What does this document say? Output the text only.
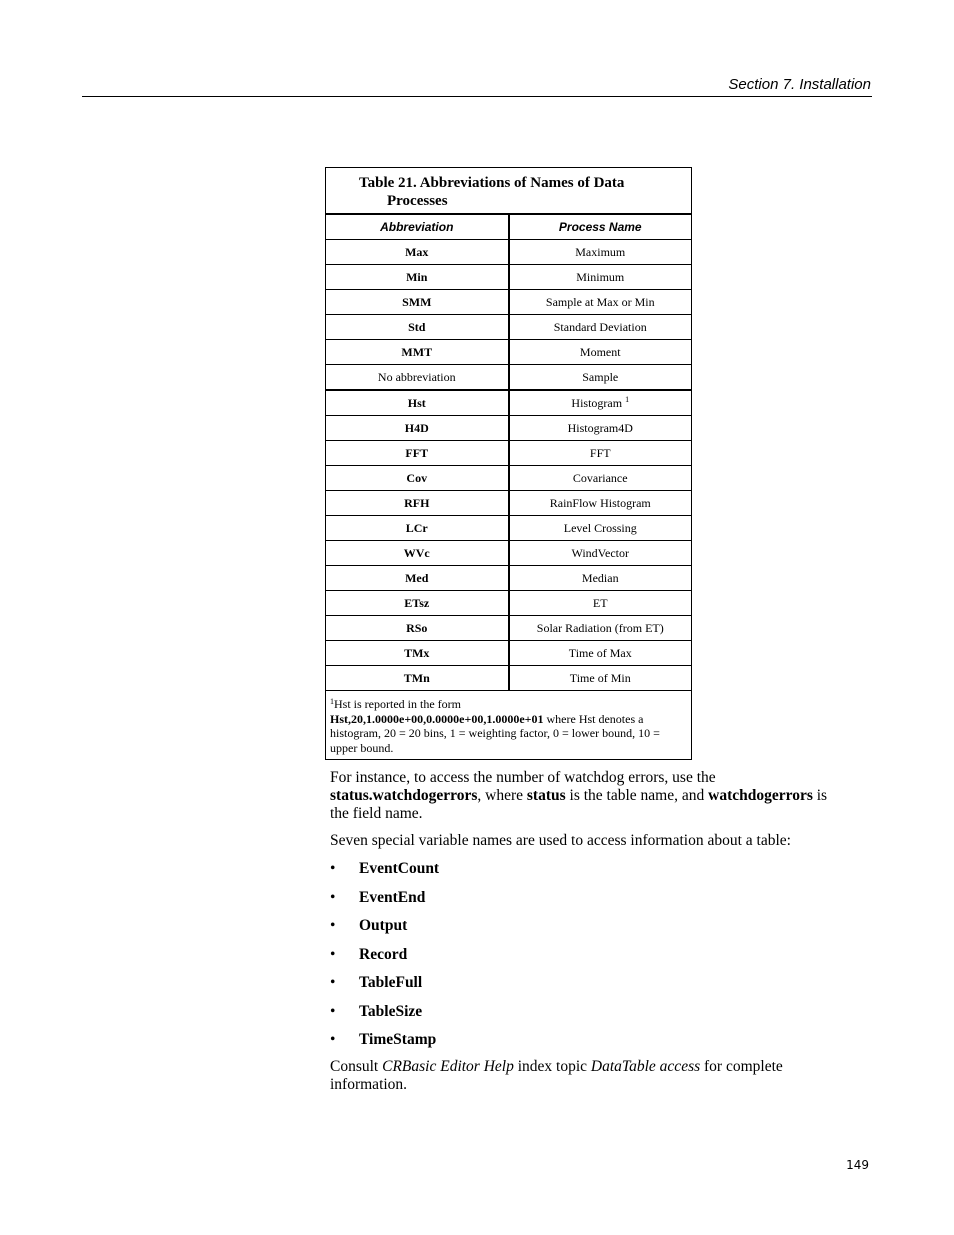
Section 7. Installation
Table 21. Abbreviations of Names of Data
Processes	

Abbreviation	Process Name
Max	Maximum
Min	Minimum
SMM	Sample at Max or Min
Std	Standard Deviation
MMT	Moment
No abbreviation	Sample
Hst	Histogram $^1$
H4D	Histogram4D
FFT	FFT
Cov	Covariance
RFH	RainFlow Histogram
LCr	Level Crossing
WVc	WindVector
Med	Median
ETsz	ET
RSo	Solar Radiation (from ET)
TMx	Time of Max
TMn	Time of Min
$^1$Hst is reported in the form
Hst,20,1.0000e+00,0.0000e+00,1.0000e+01 where Hst denotes a histogram, 20 = 20 bins, 1 = weighting factor, 0 = lower bound, 10 = upper bound.	
For instance, to access the number of watchdog errors, use the status.watchdogerrors, where status is the table name, and watchdogerrors is the field name.
Seven special variable names are used to access information about a table:
• EventCount
• EventEnd
• Output
• Record
• TableFull
• TableSize
• TimeStamp
Consult CRBasic Editor Help index topic DataTable access for complete information.
149
